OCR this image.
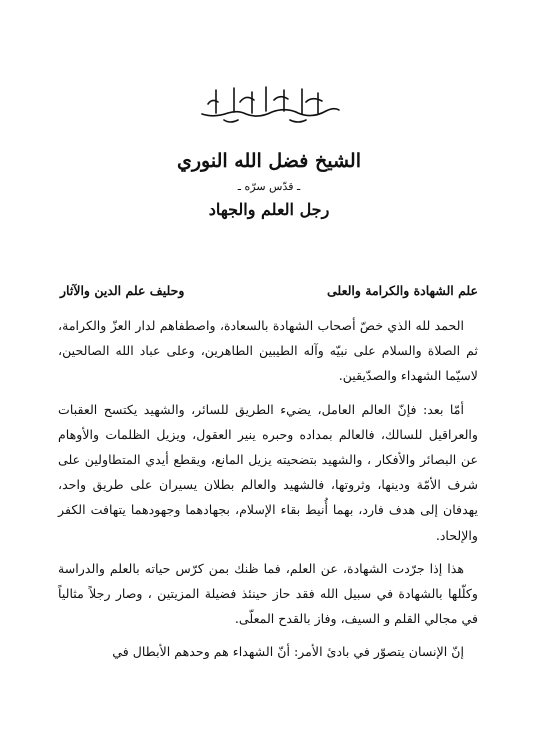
الشيخ فضل الله النوري
ـ قدّس سرّه ـ
رجل العلم والجهاد
علم الشهادة والكرامة والعلى
وحليف علم الدين والآثار

الحمد لله الذي خصّ أصحاب الشهادة بالسعادة، واصطفاهم لدار العزّ والكرامة، ثم الصلاة والسلام على نبيّه وآله الطيبين الطاهرين، وعلى عباد الله الصالحين، لاسيّما الشهداء والصدّيقين.

أمّا بعد: فإنّ العالم العامل، يضيء الطريق للسائر، والشهيد يكتسح العقبات والعراقيل للسالك، فالعالم بمداده وحبره ينير العقول، ويزيل الظلمات والأوهام عن البصائر والأفكار ، والشهيد بتضحيته يزيل المانع، ويقطع أيدي المتطاولين على شرف الأمّة ودينها، وثروتها، فالشهيد والعالم بطلان يسيران على طريق واحد، يهدفان إلى هدف فارد، بهما أُنيط بقاء الإسلام، بجهادهما وجهودهما يتهافت الكفر والإلحاد.

هذا إذا جرّدت الشهادة، عن العلم، فما ظنك بمن كرّس حياته بالعلم والدراسة وكلّلها بالشهادة في سبيل الله فقد حاز حينئذ فضيلة المزيتين ، وصار رجلاً مثالياً في مجالي القلم و السيف، وفاز بالقدح المعلّى.

إنّ الإنسان يتصوّر في بادئ الأمر: أنّ الشهداء هم وحدهم الأبطال في
